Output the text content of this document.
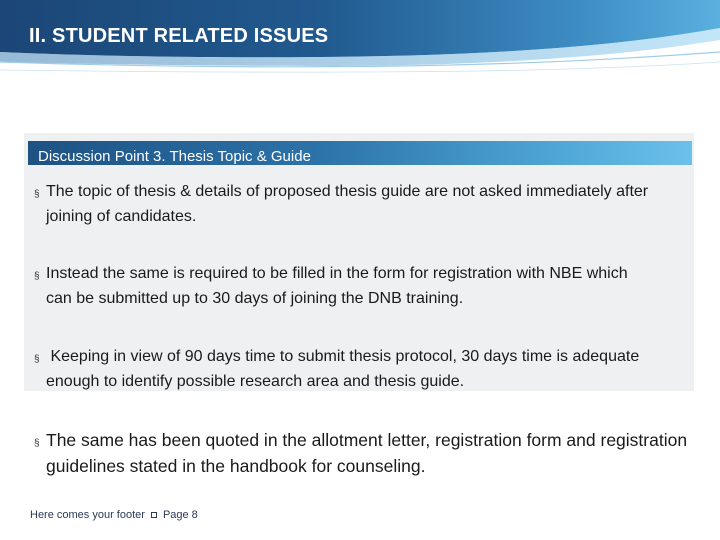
II. STUDENT RELATED ISSUES
Discussion Point 3. Thesis Topic & Guide
§ The topic of thesis & details of proposed thesis guide are not asked immediately after joining of candidates.
§ Instead the same is required to be filled in the form for registration with NBE which can be submitted up to 30 days of joining the DNB training.
§ Keeping in view of 90 days time to submit thesis protocol, 30 days time is adequate enough to identify possible research area and thesis guide.
§ The same has been quoted in the allotment letter, registration form and registration guidelines stated in the handbook for counseling.
Here comes your footer Page 8
